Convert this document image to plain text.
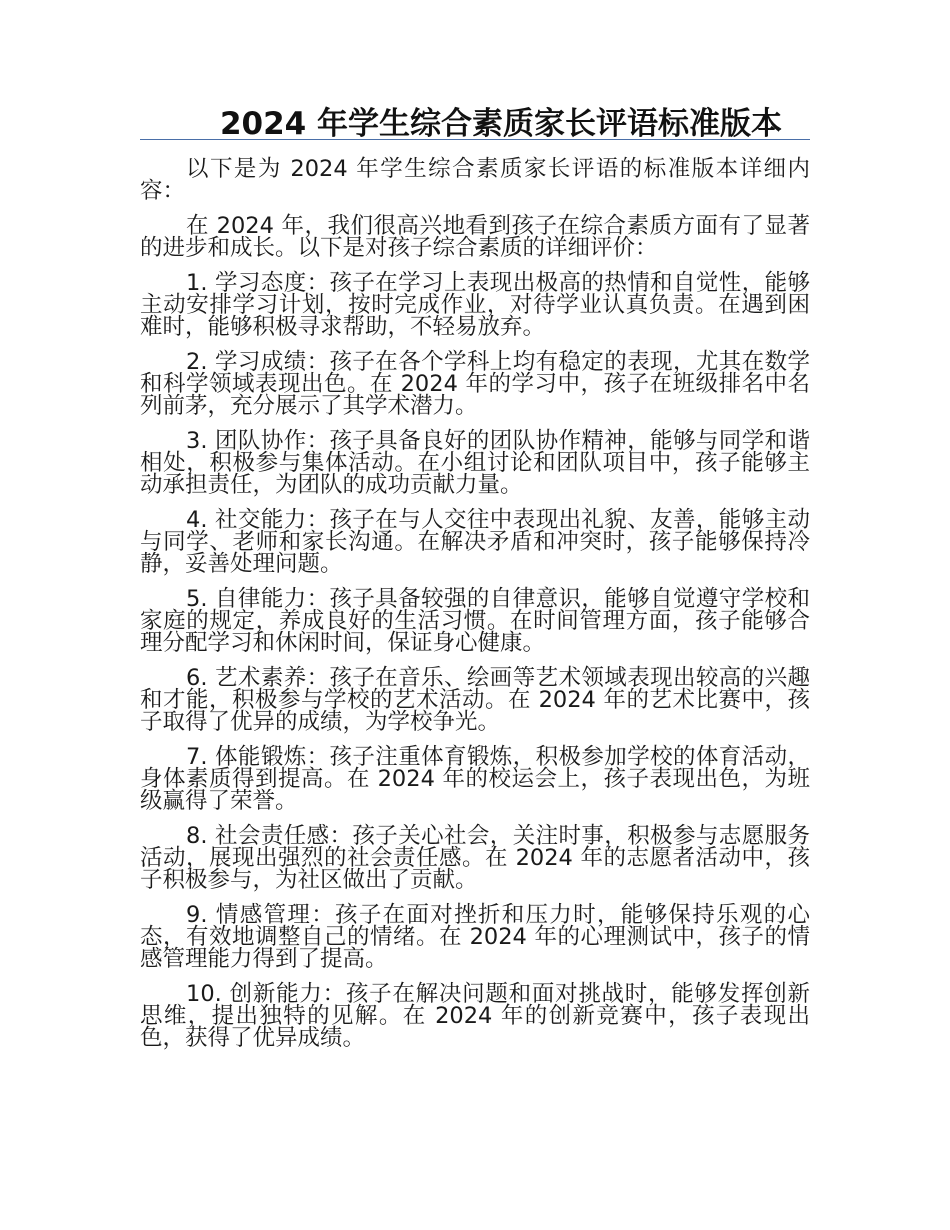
2024 年学生综合素质家长评语标准版本

以下是为 2024 年学生综合素质家长评语的标准版本详细内容：

在 2024 年，我们很高兴地看到孩子在综合素质方面有了显著的进步和成长。以下是对孩子综合素质的详细评价：

1. 学习态度：孩子在学习上表现出极高的热情和自觉性，能够主动安排学习计划，按时完成作业，对待学业认真负责。在遇到困难时，能够积极寻求帮助，不轻易放弃。

2. 学习成绩：孩子在各个学科上均有稳定的表现，尤其在数学和科学领域表现出色。在 2024 年的学习中，孩子在班级排名中名列前茅，充分展示了其学术潜力。

3. 团队协作：孩子具备良好的团队协作精神，能够与同学和谐相处，积极参与集体活动。在小组讨论和团队项目中，孩子能够主动承担责任，为团队的成功贡献力量。

4. 社交能力：孩子在与人交往中表现出礼貌、友善，能够主动与同学、老师和家长沟通。在解决矛盾和冲突时，孩子能够保持冷静，妥善处理问题。

5. 自律能力：孩子具备较强的自律意识，能够自觉遵守学校和家庭的规定，养成良好的生活习惯。在时间管理方面，孩子能够合理分配学习和休闲时间，保证身心健康。

6. 艺术素养：孩子在音乐、绘画等艺术领域表现出较高的兴趣和才能，积极参与学校的艺术活动。在 2024 年的艺术比赛中，孩子取得了优异的成绩，为学校争光。

7. 体能锻炼：孩子注重体育锻炼，积极参加学校的体育活动，身体素质得到提高。在 2024 年的校运会上，孩子表现出色，为班级赢得了荣誉。

8. 社会责任感：孩子关心社会，关注时事，积极参与志愿服务活动，展现出强烈的社会责任感。在 2024 年的志愿者活动中，孩子积极参与，为社区做出了贡献。

9. 情感管理：孩子在面对挫折和压力时，能够保持乐观的心态，有效地调整自己的情绪。在 2024 年的心理测试中，孩子的情感管理能力得到了提高。

10. 创新能力：孩子在解决问题和面对挑战时，能够发挥创新思维，提出独特的见解。在 2024 年的创新竞赛中，孩子表现出色，获得了优异成绩。
